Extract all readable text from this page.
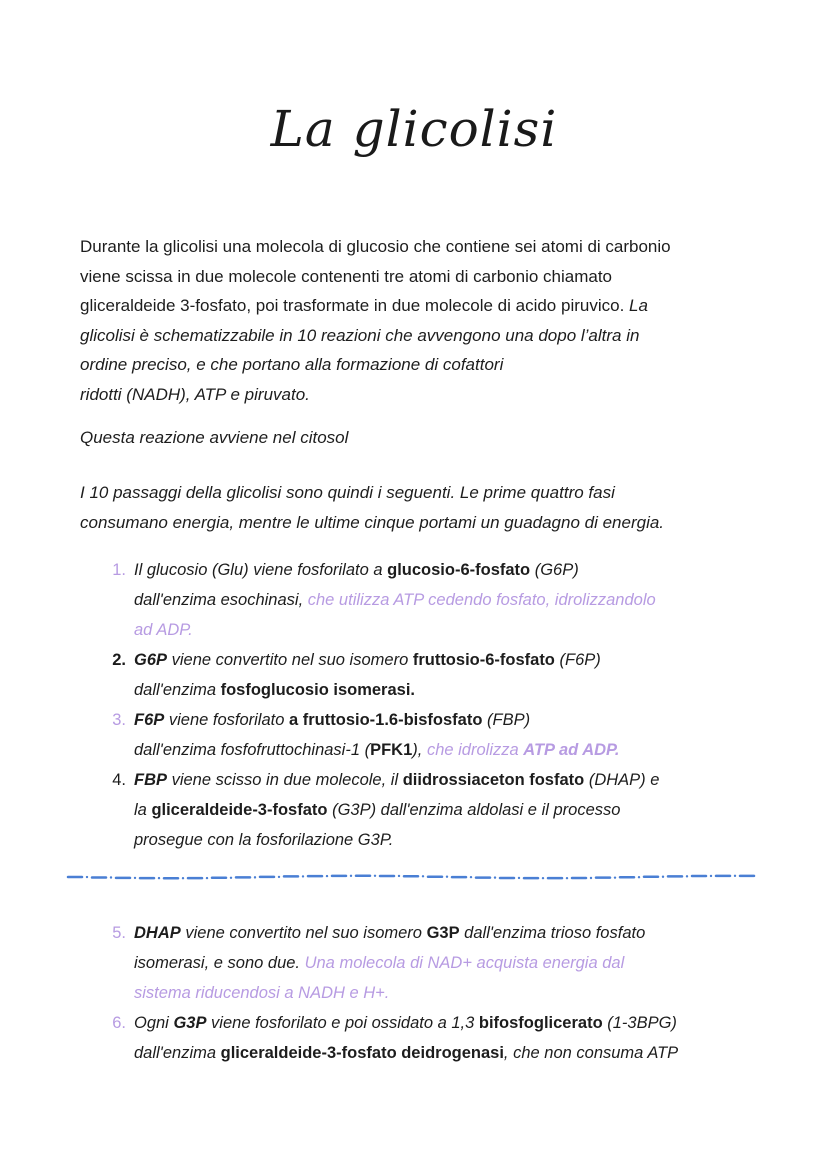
La glicolisi
Durante la glicolisi una molecola di glucosio che contiene sei atomi di carbonio
viene scissa in due molecole contenenti tre atomi di carbonio chiamato
gliceraldeide 3-fosfato, poi trasformate in due molecole di acido piruvico. La
glicolisi è schematizzabile in 10 reazioni che avvengono una dopo l’altra in
ordine preciso, e che portano alla formazione di cofattori
ridotti (NADH), ATP e piruvato.
Questa reazione avviene nel citosol
I 10 passaggi della glicolisi sono quindi i seguenti. Le prime quattro fasi
consumano energia, mentre le ultime cinque portami un guadagno di energia.
1. Il glucosio (Glu) viene fosforilato a glucosio-6-fosfato (G6P)
dall'enzima esochinasi, che utilizza ATP cedendo fosfato, idrolizzandolo
ad ADP.
2. G6P viene convertito nel suo isomero fruttosio-6-fosfato (F6P)
dall'enzima fosfoglucosio isomerasi.
3. F6P viene fosforilato a fruttosio-1.6-bisfosfato (FBP)
dall'enzima fosfofruttochinasi-1 (PFK1), che idrolizza ATP ad ADP.
4. FBP viene scisso in due molecole, il diidrossiaceton fosfato (DHAP) e
la gliceraldeide-3-fosfato (G3P) dall'enzima aldolasi e il processo
prosegue con la fosforilazione G3P.
5. DHAP viene convertito nel suo isomero G3P dall'enzima trioso fosfato
isomerasi, e sono due. Una molecola di NAD+ acquista energia dal
sistema riducendosi a NADH e H+.
6. Ogni G3P viene fosforilato e poi ossidato a 1,3 bifosfoglicerato (1-3BPG)
dall'enzima gliceraldeide-3-fosfato deidrogenasi, che non consuma ATP
